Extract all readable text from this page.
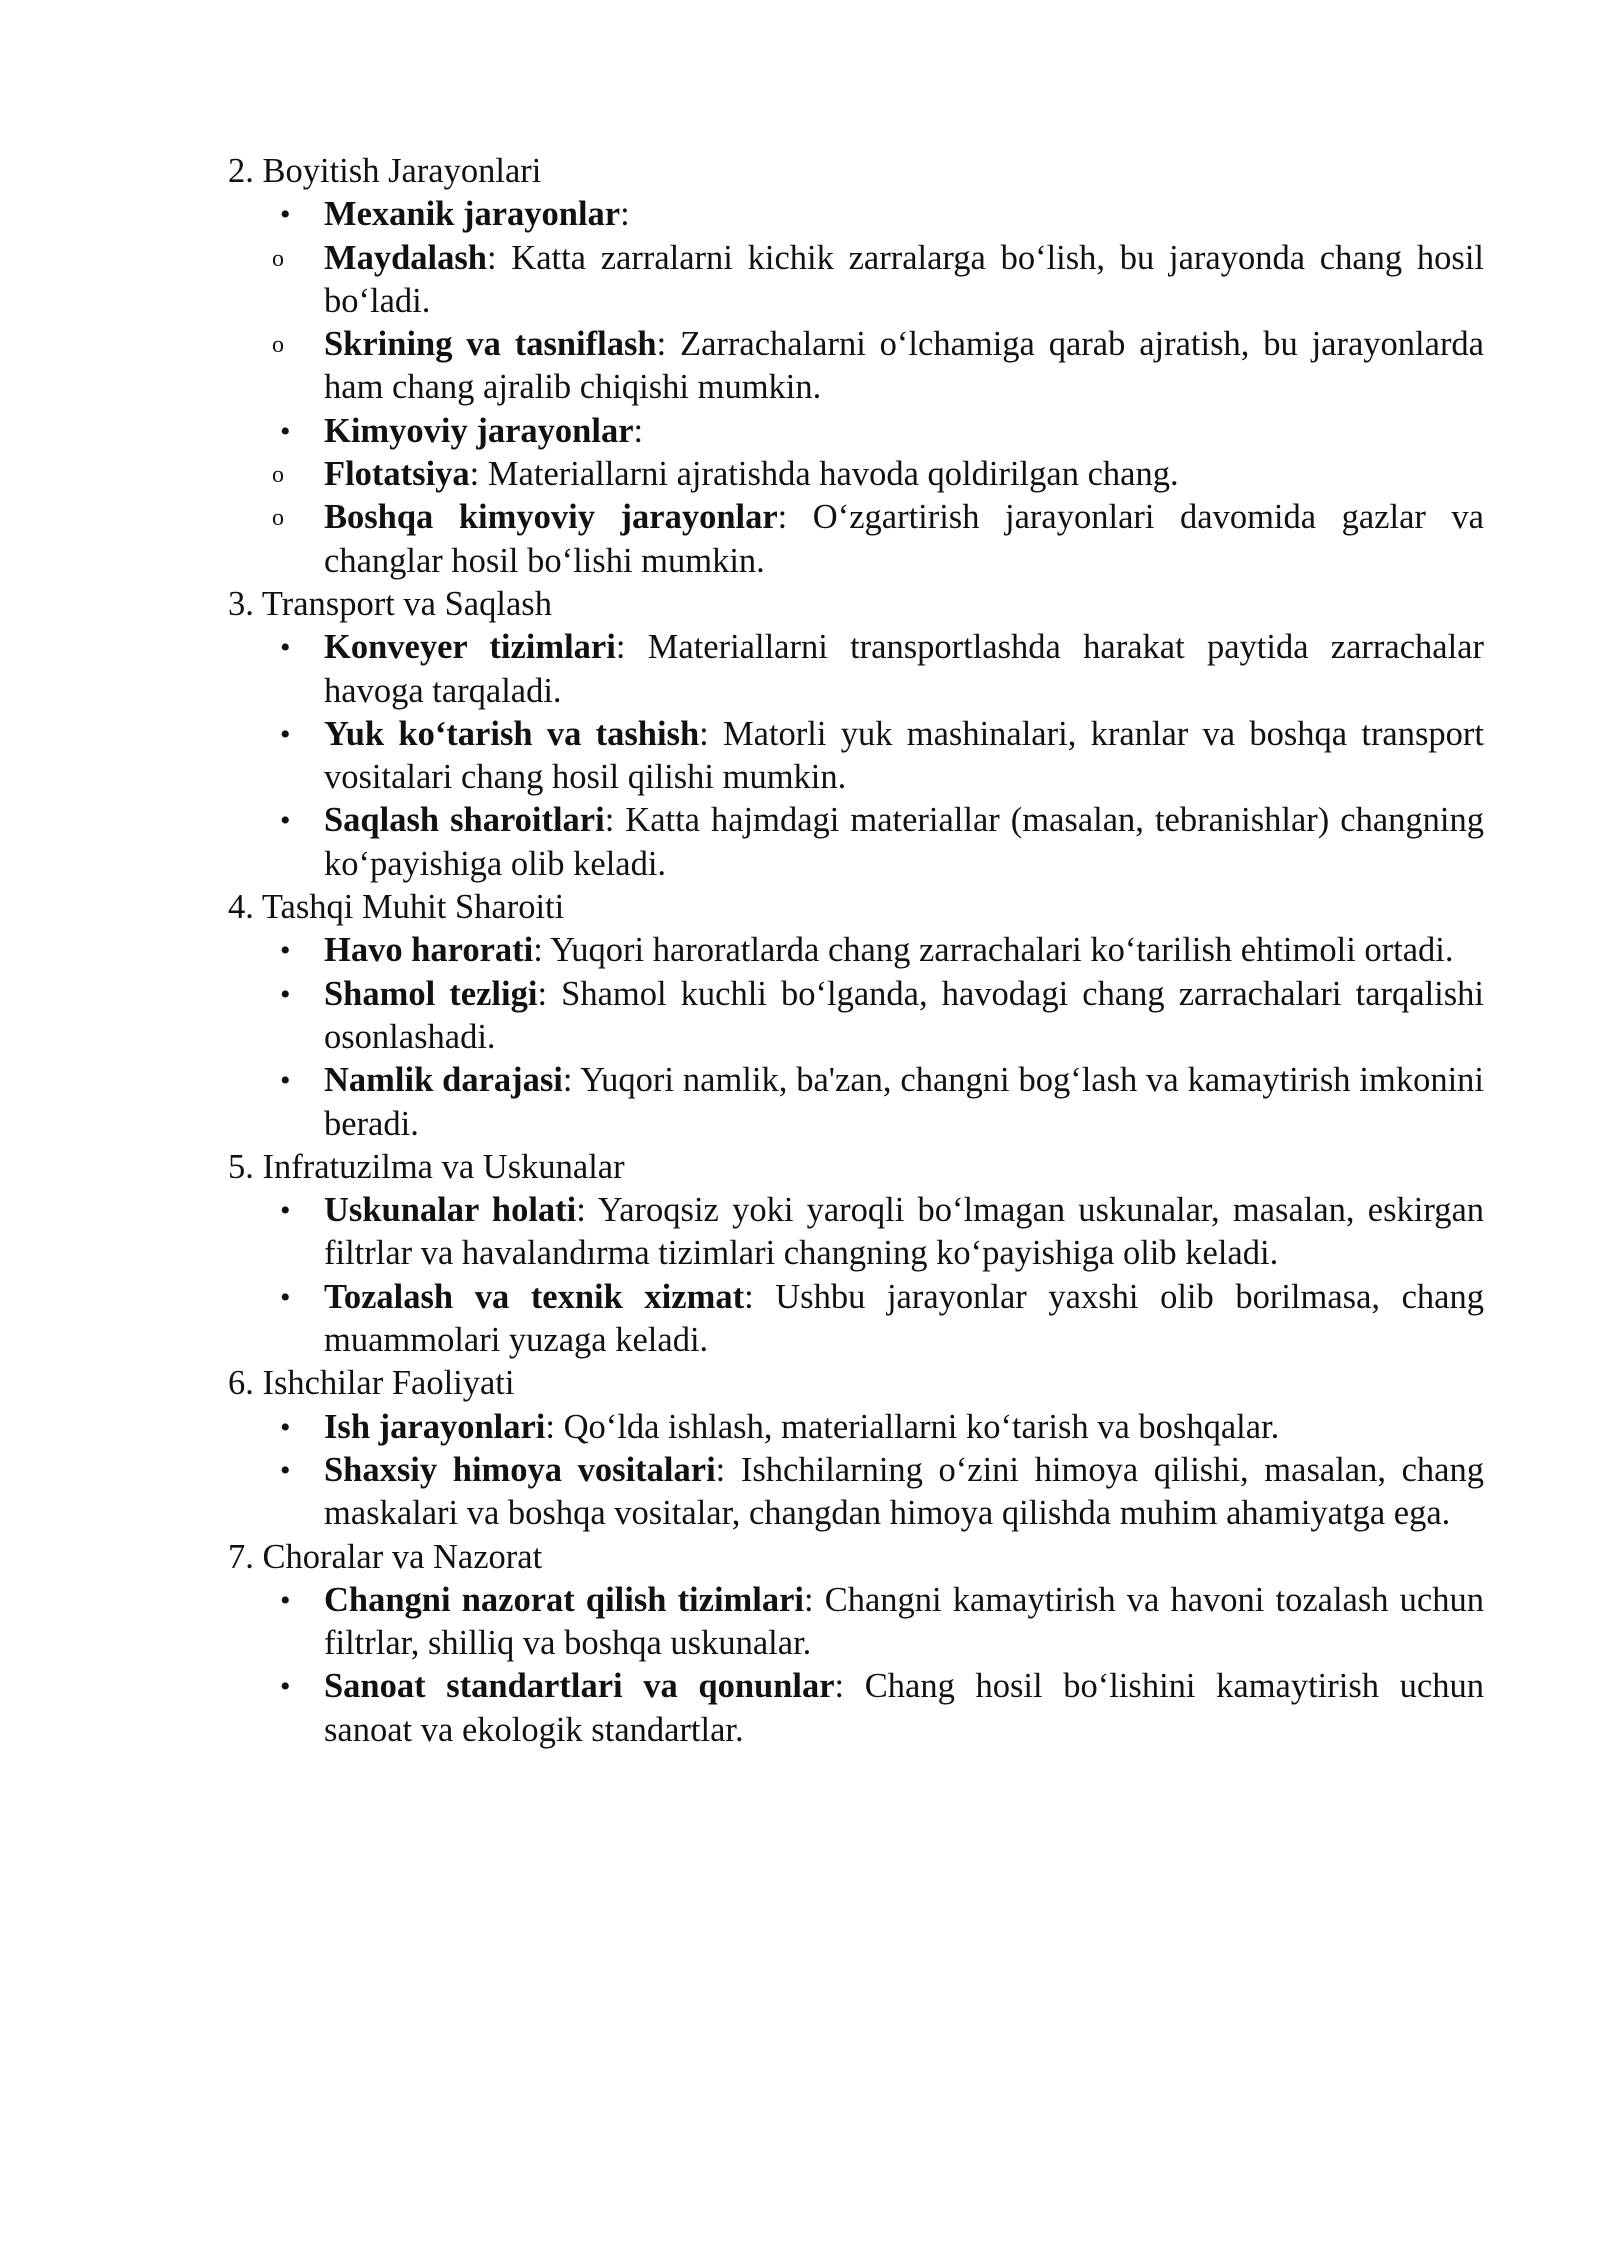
2. Boyitish Jarayonlari
• Mexanik jarayonlar:
o Maydalash: Katta zarralarni kichik zarralarga bo‘lish, bu jarayonda chang hosil bo‘ladi.
o Skrining va tasniflash: Zarrachalarni o‘lchamiga qarab ajratish, bu jarayonlarda ham chang ajralib chiqishi mumkin.
• Kimyoviy jarayonlar:
o Flotatsiya: Materiallarni ajratishda havoda qoldirilgan chang.
o Boshqa kimyoviy jarayonlar: O‘zgartirish jarayonlari davomida gazlar va changlar hosil bo‘lishi mumkin.
3. Transport va Saqlash
• Konveyer tizimlari: Materiallarni transportlashda harakat paytida zarrachalar havoga tarqaladi.
• Yuk ko‘tarish va tashish: Matorli yuk mashinalari, kranlar va boshqa transport vositalari chang hosil qilishi mumkin.
• Saqlash sharoitlari: Katta hajmdagi materiallar (masalan, tebranishlar) changning ko‘payishiga olib keladi.
4. Tashqi Muhit Sharoiti
• Havo harorati: Yuqori haroratlarda chang zarrachalari ko‘tarilish ehtimoli ortadi.
• Shamol tezligi: Shamol kuchli bo‘lganda, havodagi chang zarrachalari tarqalishi osonlashadi.
• Namlik darajasi: Yuqori namlik, ba'zan, changni bog‘lash va kamaytirish imkonini beradi.
5. Infratuzilma va Uskunalar
• Uskunalar holati: Yaroqsiz yoki yaroqli bo‘lmagan uskunalar, masalan, eskirgan filtrlar va havalandırma tizimlari changning ko‘payishiga olib keladi.
• Tozalash va texnik xizmat: Ushbu jarayonlar yaxshi olib borilmasa, chang muammolari yuzaga keladi.
6. Ishchilar Faoliyati
• Ish jarayonlari: Qo‘lda ishlash, materiallarni ko‘tarish va boshqalar.
• Shaxsiy himoya vositalari: Ishchilarning o‘zini himoya qilishi, masalan, chang maskalari va boshqa vositalar, changdan himoya qilishda muhim ahamiyatga ega.
7. Choralar va Nazorat
• Changni nazorat qilish tizimlari: Changni kamaytirish va havoni tozalash uchun filtrlar, shilliq va boshqa uskunalar.
• Sanoat standartlari va qonunlar: Chang hosil bo‘lishini kamaytirish uchun sanoat va ekologik standartlar.
